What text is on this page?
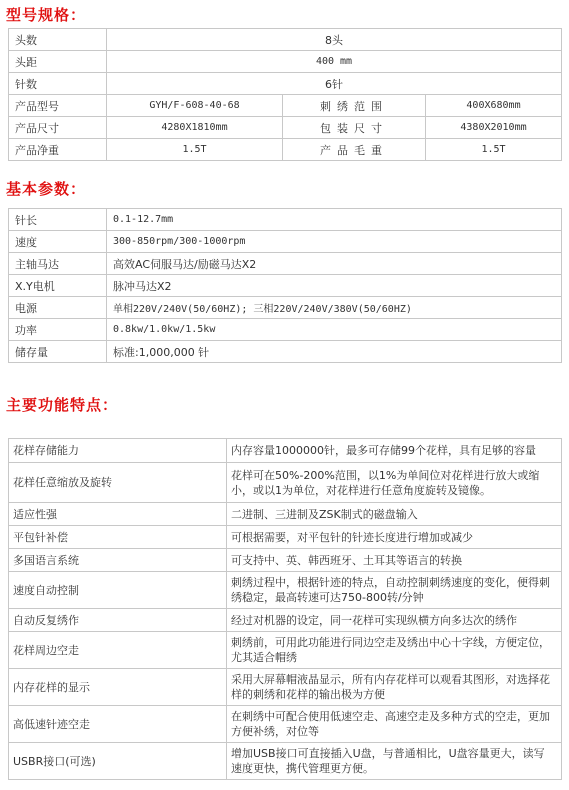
型号规格：
头数	8头		
头距	400 mm		
针数	6针		
产品型号	GYH/F-608-40-68	刺绣范围	400X680mm
产品尺寸	4280X1810mm	包装尺寸	4380X2010mm
产品净重	1.5T	产品毛重	1.5T
基本参数：
针长	0.1-12.7mm
速度	300-850rpm/300-1000rpm
主轴马达	高效AC伺服马达/励磁马达X2
X.Y电机	脉冲马达X2
电源	单相220V/240V(50/60HZ); 三相220V/240V/380V(50/60HZ)
功率	0.8kw/1.0kw/1.5kw
储存量	标准:1,000,000 针
主要功能特点：
花样存储能力	内存容量1000000针，最多可存储99个花样，具有足够的容量
花样任意缩放及旋转	花样可在50%-200%范围，以1%为单间位对花样进行放大或缩小，或以1为单位，对花样进行任意角度旋转及镜像。
适应性强	二进制、三进制及ZSK制式的磁盘输入
平包针补偿	可根据需要，对平包针的针迹长度进行增加或减少
多国语言系统	可支持中、英、韩西班牙、土耳其等语言的转换
速度自动控制	刺绣过程中，根据针迹的特点，自动控制刺绣速度的变化，便得刺绣稳定，最高转速可达750-800转/分钟
自动反复绣作	经过对机器的设定，同一花样可实现纵横方向多达次的绣作
花样周边空走	刺绣前，可用此功能进行同边空走及绣出中心十字线，方便定位，尤其适合帽绣
内存花样的显示	采用大屏幕帽液晶显示，所有内存花样可以观看其图形，对选择花样的刺绣和花样的输出极为方便
高低速针迹空走	在刺绣中可配合使用低速空走、高速空走及多种方式的空走，更加方便补绣，对位等
USBR接口(可选)	增加USB接口可直接插入U盘，与普通相比，U盘容量更大，读写速度更快，携代管理更方便。
